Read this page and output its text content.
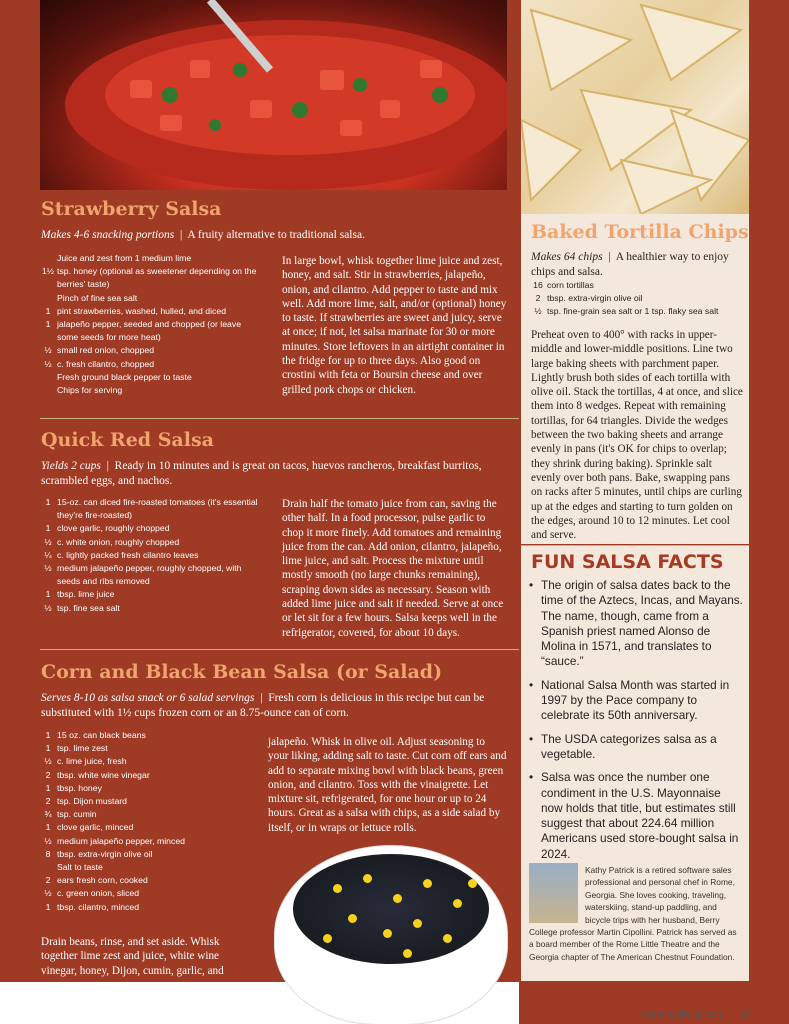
Strawberry Salsa
Makes 4-6 snacking portions  |  A fruity alternative to traditional salsa.
Juice and zest from 1 medium lime
1½ tsp. honey (optional as sweetener depending on the berries' taste)
Pinch of fine sea salt
1 pint strawberries, washed, hulled, and diced
1 jalapeño pepper, seeded and chopped (or leave some seeds for more heat)
½ small red onion, chopped
½ c. fresh cilantro, chopped
Fresh ground black pepper to taste
Chips for serving
In large bowl, whisk together lime juice and zest, honey, and salt. Stir in strawberries, jalapeño, onion, and cilantro. Add pepper to taste and mix well. Add more lime, salt, and/or (optional) honey to taste. If strawberries are sweet and juicy, serve at once; if not, let salsa marinate for 30 or more minutes. Store leftovers in an airtight container in the fridge for up to three days. Also good on crostini with feta or Boursin cheese and over grilled pork chops or chicken.
Quick Red Salsa
Yields 2 cups  |  Ready in 10 minutes and is great on tacos, huevos rancheros, breakfast burritos, scrambled eggs, and nachos.
1 15-oz. can diced fire-roasted tomatoes (it's essential they're fire-roasted)
1 clove garlic, roughly chopped
½ c. white onion, roughly chopped
¼ c. lightly packed fresh cilantro leaves
½ medium jalapeño pepper, roughly chopped, with seeds and ribs removed
1 tbsp. lime juice
½ tsp. fine sea salt
Drain half the tomato juice from can, saving the other half. In a food processor, pulse garlic to chop it more finely. Add tomatoes and remaining juice from the can. Add onion, cilantro, jalapeño, lime juice, and salt. Process the mixture until mostly smooth (no large chunks remaining), scraping down sides as necessary. Season with added lime juice and salt if needed. Serve at once or let sit for a few hours. Salsa keeps well in the refrigerator, covered, for about 10 days.
Corn and Black Bean Salsa (or Salad)
Serves 8-10 as salsa snack or 6 salad servings  |  Fresh corn is delicious in this recipe but can be substituted with 1½ cups frozen corn or an 8.75-ounce can of corn.
1 15 oz. can black beans
1 tsp. lime zest
½ c. lime juice, fresh
2 tbsp. white wine vinegar
1 tbsp. honey
2 tsp. Dijon mustard
¾ tsp. cumin
1 clove garlic, minced
½ medium jalapeño pepper, minced
8 tbsp. extra-virgin olive oil
Salt to taste
2 ears fresh corn, cooked
½ c. green onion, sliced
1 tbsp. cilantro, minced
Drain beans, rinse, and set aside. Whisk together lime zest and juice, white wine vinegar, honey, Dijon, cumin, garlic, and
jalapeño. Whisk in olive oil. Adjust seasoning to your liking, adding salt to taste. Cut corn off ears and add to separate mixing bowl with black beans, green onion, and cilantro. Toss with the vinaigrette. Let mixture sit, refrigerated, for one hour or up to 24 hours. Great as a salsa with chips, as a side salad by itself, or in wraps or lettuce rolls.
Baked Tortilla Chips
Makes 64 chips  |  A healthier way to enjoy chips and salsa.
16 corn tortillas
2 tbsp. extra-virgin olive oil
½ tsp. fine-grain sea salt or 1 tsp. flaky sea salt
Preheat oven to 400° with racks in upper-middle and lower-middle positions. Line two large baking sheets with parchment paper. Lightly brush both sides of each tortilla with olive oil. Stack the tortillas, 4 at once, and slice them into 8 wedges. Repeat with remaining tortillas, for 64 triangles. Divide the wedges between the two baking sheets and arrange evenly in pans (it's OK for chips to overlap; they shrink during baking). Sprinkle salt evenly over both pans. Bake, swapping pans on racks after 5 minutes, until chips are curling up at the edges and starting to turn golden on the edges, around 10 to 12 minutes. Let cool and serve.
FUN SALSA FACTS
• The origin of salsa dates back to the time of the Aztecs, Incas, and Mayans. The name, though, came from a Spanish priest named Alonso de Molina in 1571, and translates to “sauce.”
• National Salsa Month was started in 1997 by the Pace company to celebrate its 50th anniversary.
• The USDA categorizes salsa as a vegetable.
• Salsa was once the number one condiment in the U.S. Mayonnaise now holds that title, but estimates still suggest that about 224.64 million Americans used store-bought salsa in 2024.
Kathy Patrick is a retired software sales professional and personal chef in Rome, Georgia. She loves cooking, traveling, waterskiing, stand-up paddling, and bicycle trips with her husband, Berry College professor Martin Cipollini. Patrick has served as a board member of the Rome Little Theatre and the Georgia chapter of The American Chestnut Foundation.
nwgeorgialiving.com | 37
